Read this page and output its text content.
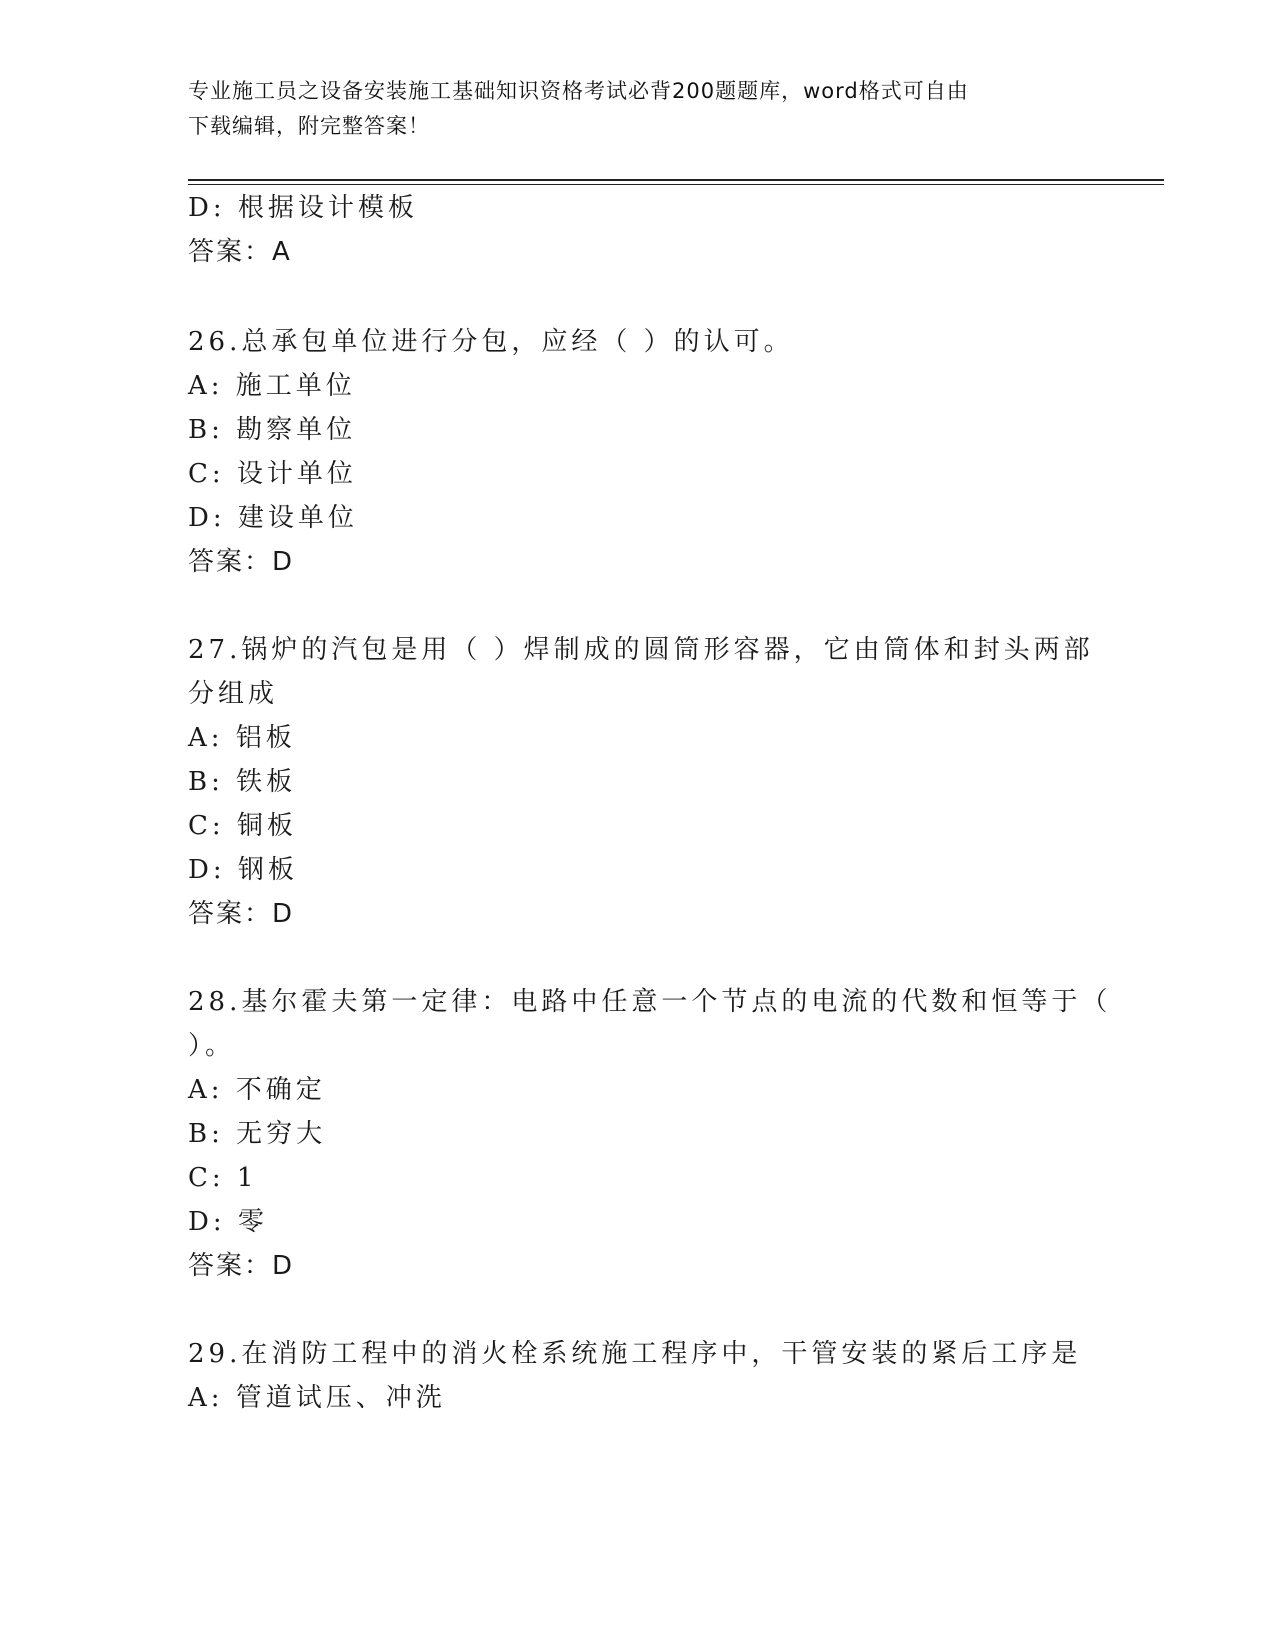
专业施工员之设备安装施工基础知识资格考试必背200题题库，word格式可自由
下载编辑，附完整答案！
D: 根据设计模板
答案：A
26.总承包单位进行分包，应经（ ）的认可。
A: 施工单位
B: 勘察单位
C: 设计单位
D: 建设单位
答案：D
27.锅炉的汽包是用（ ）焊制成的圆筒形容器，它由筒体和封头两部
分组成
A: 铝板
B: 铁板
C: 铜板
D: 钢板
答案：D
28.基尔霍夫第一定律：电路中任意一个节点的电流的代数和恒等于（
）。
A: 不确定
B: 无穷大
C: 1
D: 零
答案：D
29.在消防工程中的消火栓系统施工程序中，干管安装的紧后工序是
A: 管道试压、冲洗
